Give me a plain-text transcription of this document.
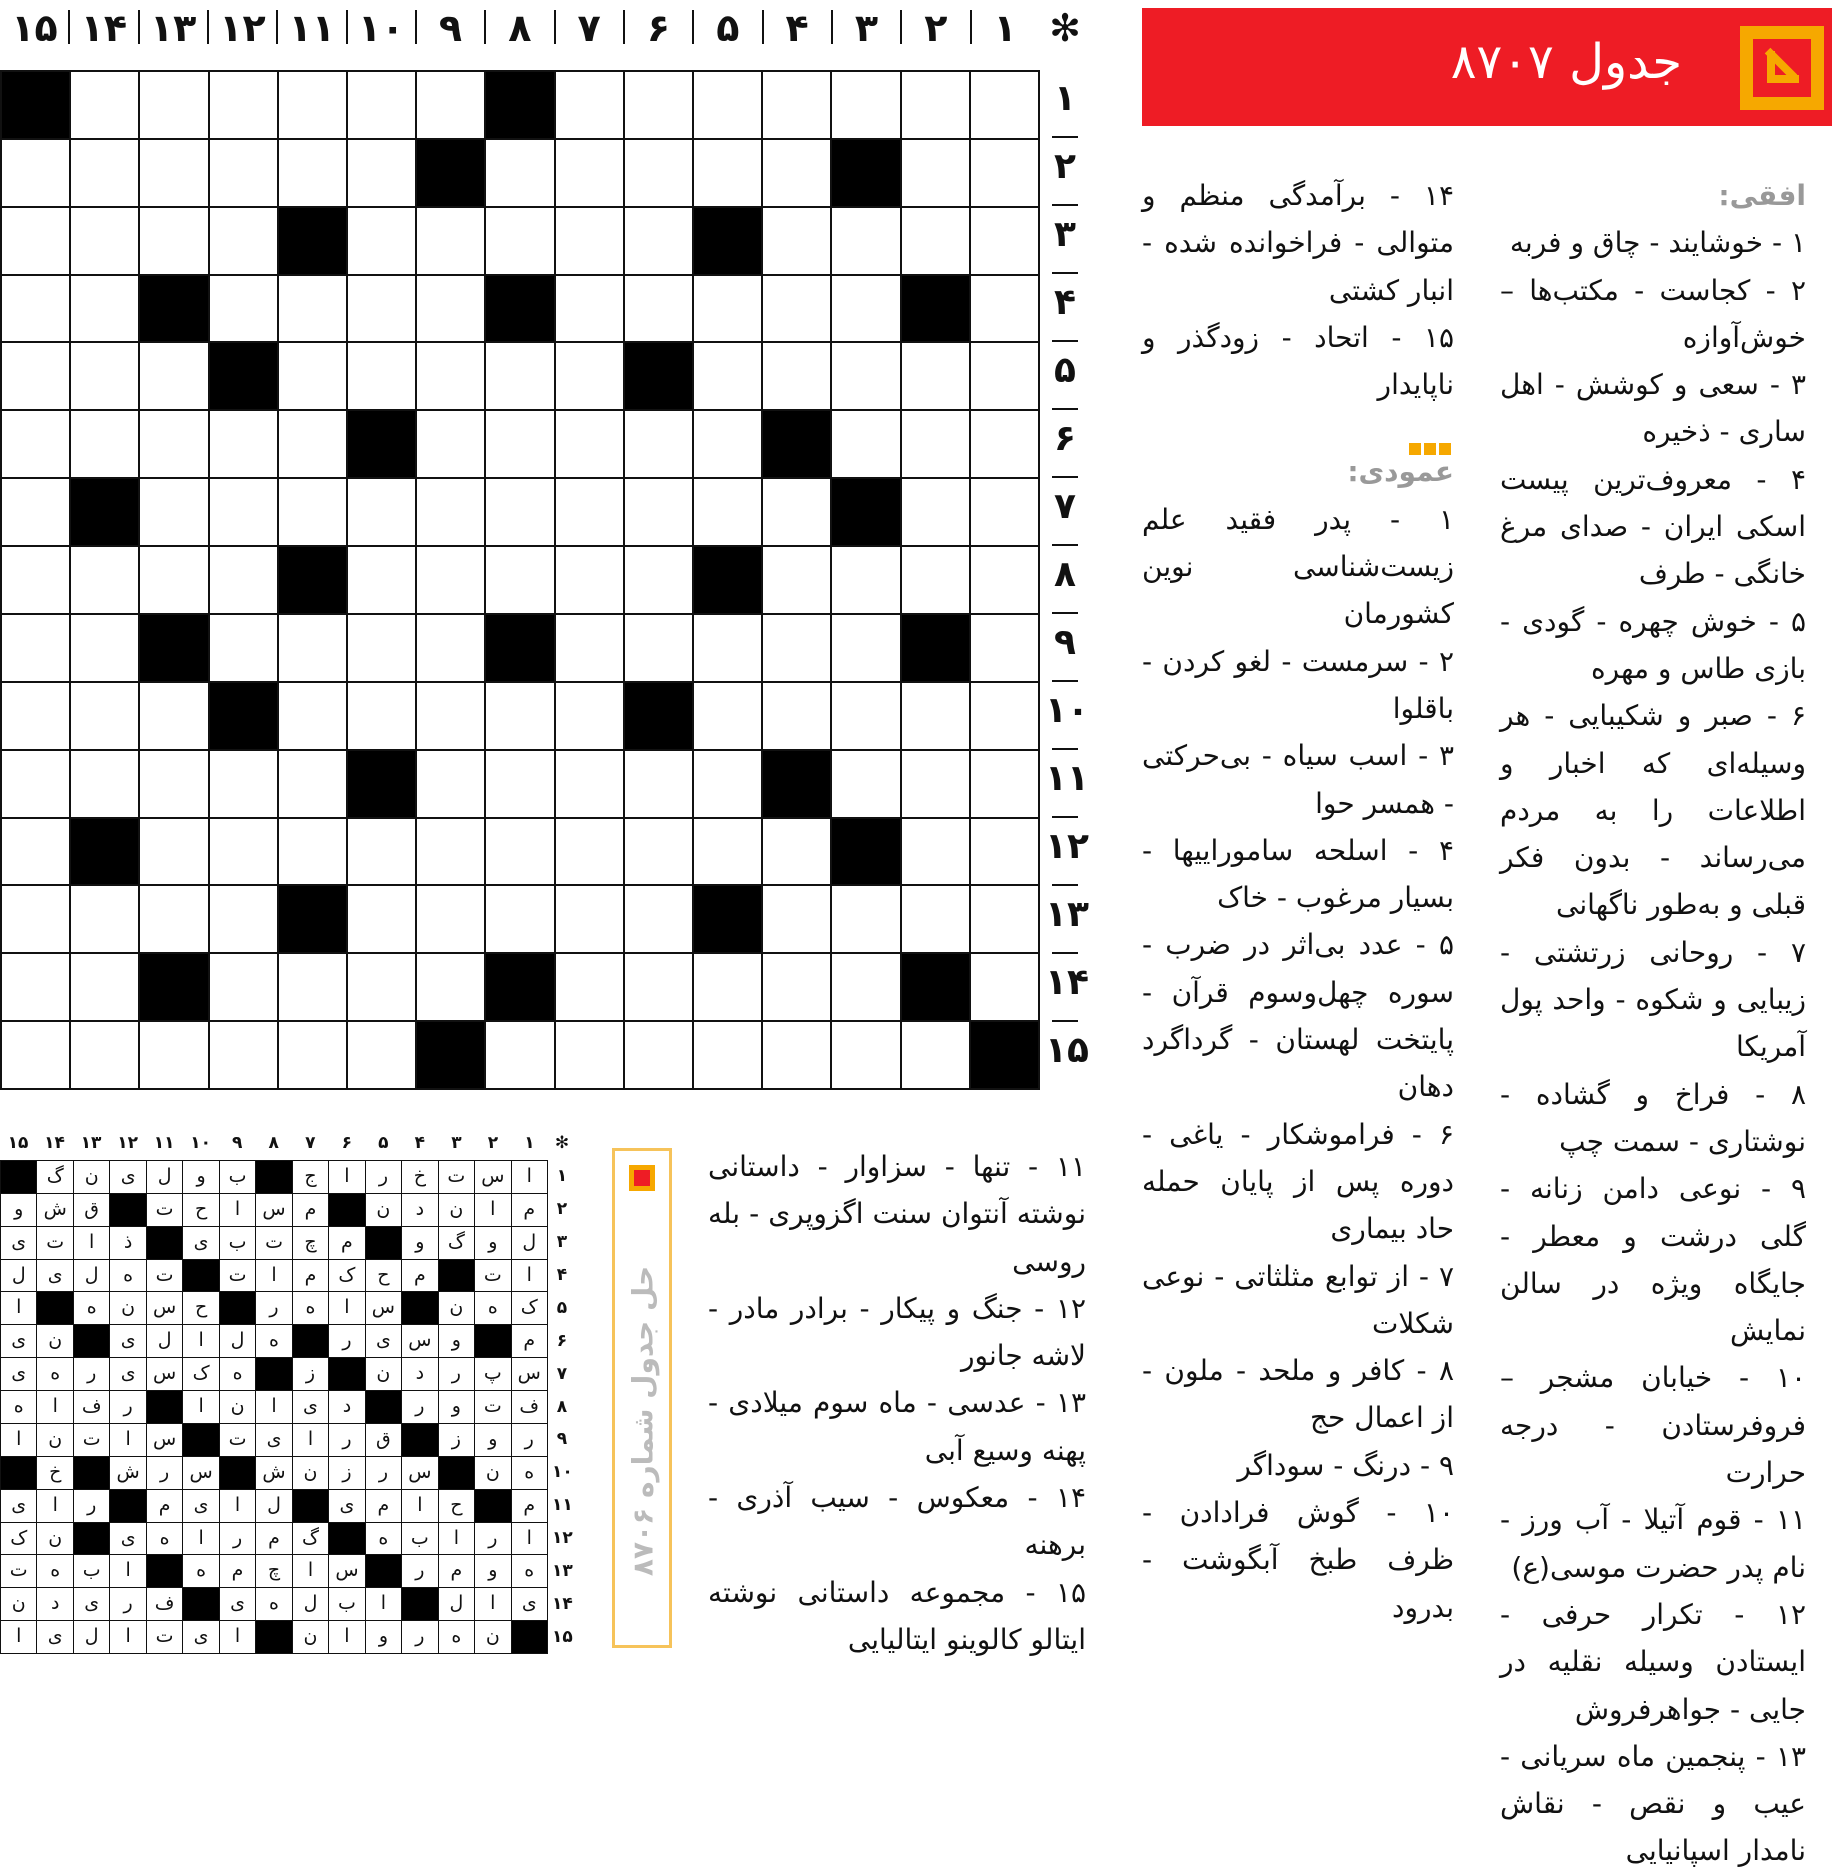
۱
۲
۳
۴
۵
۶
۷
۸
۹
۱۰
۱۱
۱۲
۱۳
۱۴
۱۵	✻
۱
۲
۳
۴
۵
۶
۷
۸
۹
۱۰
۱۱
۱۲
۱۳
۱۴
۱۵
جدول ۸۷۰۷
افقی:
۱ - خوشایند - چاق و فربه
۲ - کجاست - مکتب‌ها – خوش‌آوازه
۳ - سعی و کوشش - اهل ساری - ذخیره
۴ - معروف‌ترین پیست اسکی ایران - صدای مرغ خانگی - طرف
۵ - خوش چهره - گودی - بازی طاس و مهره
۶ - صبر و شکیبایی - هر وسیله‌ای که اخبار و اطلاعات را به مردم می‌رساند - بدون فکر قبلی و به‌طور ناگهانی
۷ - روحانی زرتشتی - زیبایی و شکوه - واحد پول آمریکا
۸ - فراخ و گشاده - نوشتاری - سمت چپ
۹ - نوعی دامن زنانه - گلی درشت و معطر - جایگاه ویژه در سالن نمایش
۱۰ - خیابان مشجر – فروفرستادن - درجه حرارت
۱۱ - قوم آتیلا - آب ورز - نام پدر حضرت موسی(ع)
۱۲ - تکرار حرفی - ایستادن وسیله نقلیه در جایی - جواهرفروش
۱۳ - پنجمین ماه سریانی - عیب و نقص - نقاش نامدار اسپانیایی
۱۴ - برآمدگی منظم و متوالی - فراخوانده شده - انبار کشتی
۱۵ - اتحاد - زودگذر و ناپایدار
عمودی:
۱ - پدر فقید علم زیست‌شناسی نوین کشورمان
۲ - سرمست - لغو کردن - باقلوا
۳ - اسب سیاه - بی‌حرکتی - همسر حوا
۴ - اسلحه ساموراییها - بسیار مرغوب - خاک
۵ - عدد بی‌اثر در ضرب - سوره چهل‌وسوم قرآن - پایتخت لهستان - گرداگرد دهان
۶ - فراموشکار - یاغی - دوره پس از پایان حمله حاد بیماری
۷ - از توابع مثلثاتی - نوعی شکلات
۸ - کافر و ملحد - ملون - از اعمال حج
۹ - درنگ - سوداگر
۱۰ - گوش فرادادن - ظرف طبخ آبگوشت - بدرود
۱۱ - تنها - سزاوار - داستانی نوشته آنتوان سنت اگزوپری - بله روسی
۱۲ - جنگ و پیکار - برادر مادر - لاشه جانور
۱۳ - عدسی - ماه سوم میلادی - پهنه وسیع آبی
۱۴ - معکوس - سیب آذری - برهنه
۱۵ - مجموعه داستانی نوشته ایتالو کالوینو ایتالیایی
۱
۲
۳
۴
۵
۶
۷
۸
۹
۱۰
۱۱
۱۲
۱۳
۱۴
۱۵	✻
۱
۲
۳
۴
۵
۶
۷
۸
۹
۱۰
۱۱
۱۲
۱۳
۱۴
۱۵
ا
س
ت
خ
ر
ا
ج
ب
و
ل
ی
ن
گ
م
ا
ن
د
ن
م
س
ا
ح
ت
ق
ش
و
ل
و
گ
و
م
چ
ت
ب
ی
ذ
ا
ت
ی
ا
ت
م
ح
ک
م
ا
ت
ت
ه
ل
ی
ل
ک
ه
ن
س
ا
ه
ر
ح
س
ن
ه
ا
م
و
س
ی
ر
ه
ل
ا
ل
ی
ن
ی
س
پ
ر
د
ن
ز
ه
ک
س
ی
ر
ه
ی
ف
ت
و
ر
د
ی
ا
ن
ا
ر
ف
ا
ه
ر
و
ز
ق
ر
ا
ی
ت
س
ا
ت
ن
ا
ه
ن
س
ر
ز
ن
ش
س
ر
ش
خ
م
ح
ا
م
ی
ل
ا
ی
م
ر
ا
ی
ا
ر
ا
ب
ه
گ
م
ر
ا
ه
ی
ن
ک
ه
و
م
ر
س
ا
چ
م
ه
ا
ب
ه
ت
ی
ا
ل
ا
ب
ل
ه
ی
ف
ر
ی
د
ن
ن
ه
ر
و
ا
ن
ا
ی
ت
ا
ل
ی
ا
حل جدول شماره ۸۷۰۶
